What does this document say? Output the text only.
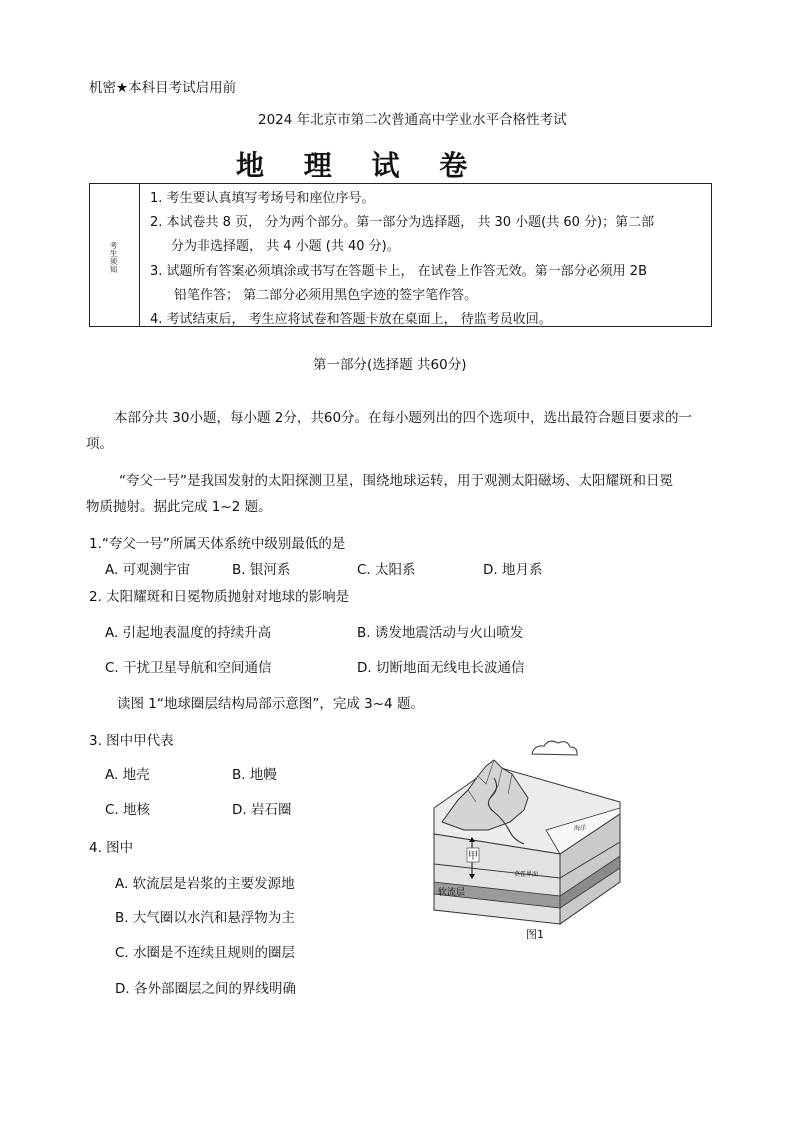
机密★本科目考试启用前
2024 年北京市第二次普通高中学业水平合格性考试
地 理 试 卷
考生须知
1. 考生要认真填写考场号和座位序号。
2. 本试卷共 8 页， 分为两个部分。第一部分为选择题， 共 30 小题(共 60 分)；第二部
分为非选择题， 共 4 小题 (共 40 分)。
3. 试题所有答案必须填涂或书写在答题卡上， 在试卷上作答无效。第一部分必须用 2B
铅笔作答； 第二部分必须用黑色字迹的签字笔作答。
4. 考试结束后， 考生应将试卷和答题卡放在桌面上， 待监考员收回。
第一部分(选择题 共60分)
本部分共 30小题，每小题 2分，共60分。在每小题列出的四个选项中，选出最符合题目要求的一
项。
“夸父一号”是我国发射的太阳探测卫星，围绕地球运转，用于观测太阳磁场、太阳耀斑和日冕
物质抛射。据此完成 1~2 题。
1.“夸父一号”所属天体系统中级别最低的是
A. 可观测宇宙	B. 银河系	C. 太阳系	D. 地月系
2. 太阳耀斑和日冕物质抛射对地球的影响是
A. 引起地表温度的持续升高	B. 诱发地震活动与火山喷发
C. 干扰卫星导航和空间通信	D. 切断地面无线电长波通信
读图 1“地球圈层结构局部示意图”，完成 3~4 题。
3. 图中甲代表
A. 地壳	B. 地幔
C. 地核	D. 岩石圈
4. 图中
A. 软流层是岩浆的主要发源地
B. 大气圈以水汽和悬浮物为主
C. 水圈是不连续且规则的圈层
D. 各外部圈层之间的界线明确
海洋
甲
软流层
莫霍界面
图1
